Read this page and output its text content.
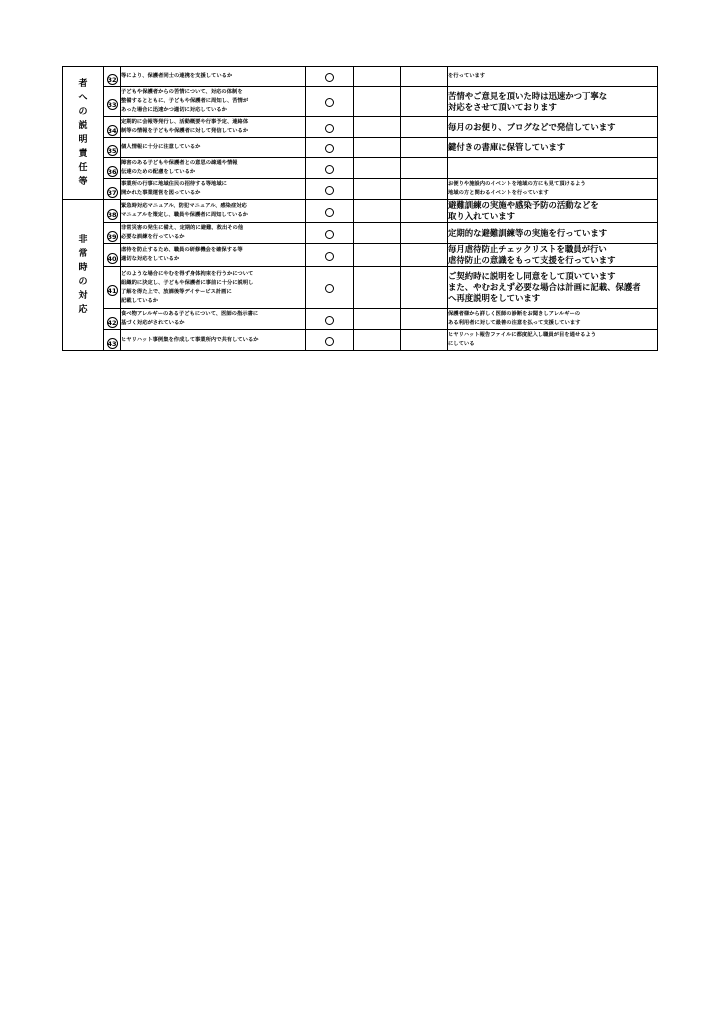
者への説明責任等	32	等により、保護者同士の連携を支援しているか				を行っています
	33	子どもや保護者からの苦情について、対応の体制を
整備するとともに、子どもや保護者に周知し、苦情が
あった場合に迅速かつ適切に対応しているか				苦情やご意見を頂いた時は迅速かつ丁寧な
対応をさせて頂いております
	34	定期的に会報等発行し、活動概要や行事予定、連絡体
制等の情報を子どもや保護者に対して発信しているか				毎月のお便り、ブログなどで発信しています
	35	個人情報に十分に注意しているか				鍵付きの書庫に保管しています
	36	障害のある子どもや保護者との意思の疎通や情報
伝達のための配慮をしているか				
	37	事業所の行事に地域住民の招待する等地域に
開かれた事業運営を図っているか				お便りや施設内のイベントを地域の方にも見て頂けるよう
地域の方と関わるイベントを行っています
非常時の対応	38	緊急時対応マニュアル、防犯マニュアル、感染症対応
マニュアルを策定し、職員や保護者に周知しているか				避難訓練の実施や感染予防の活動などを
取り入れています
	39	非常災害の発生に備え、定期的に避難、救出その他
必要な訓練を行っているか				定期的な避難訓練等の実施を行っています
	40	虐待を防止するため、職員の研修機会を確保する等
適切な対応をしているか				毎月虐待防止チェックリストを職員が行い
虐待防止の意識をもって支援を行っています
	41	どのような場合にやむを得ず身体拘束を行うかについて
組織的に決定し、子どもや保護者に事前に十分に説明し
了解を得た上で、放課後等デイサービス計画に
記載しているか				ご契約時に説明をし同意をして頂いています
また、やむおえず必要な場合は計画に記載、保護者
へ再度説明をしています
	42	食べ物アレルギーのある子どもについて、医師の指示書に
基づく対応がされているか				保護者様から詳しく医師の診断をお聞きしアレルギーの
ある利用者に対して最善の注意を払って支援しています
	43	ヒヤリハット事例集を作成して事業所内で共有しているか				ヒヤリハット報告ファイルに都度記入し職員が目を通せるよう
にしている
